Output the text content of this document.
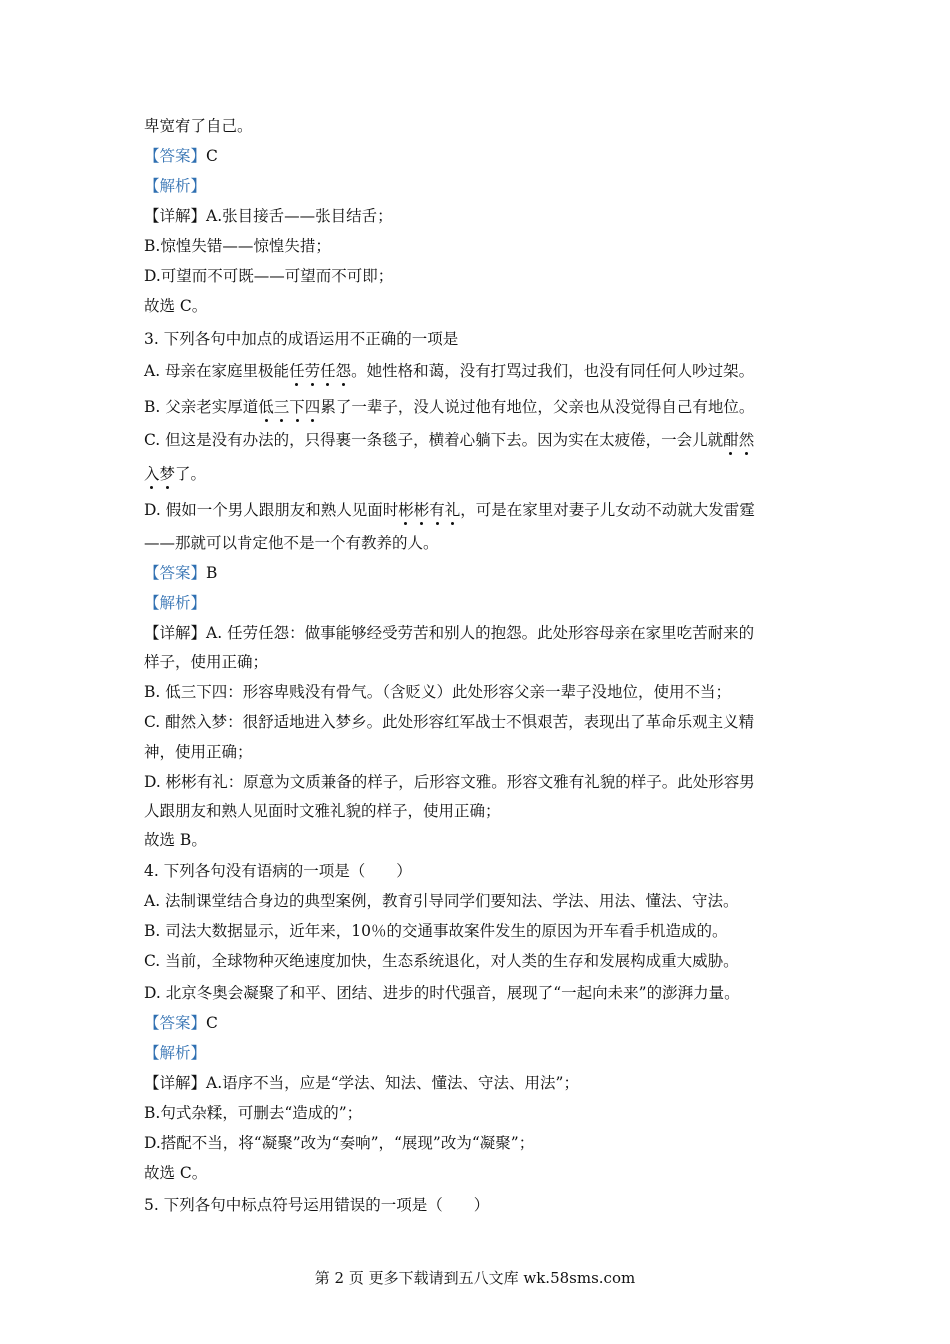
卑宽宥了自己。

【答案】C

【解析】

【详解】A.张目接舌——张目结舌；

B.惊惶失错——惊惶失措；

D.可望而不可既——可望而不可即；

故选 C。

3. 下列各句中加点的成语运用不正确的一项是

A. 母亲在家庭里极能任劳任怨。她性格和蔼，没有打骂过我们，也没有同任何人吵过架。

B. 父亲老实厚道低三下四累了一辈子，没人说过他有地位，父亲也从没觉得自己有地位。

C. 但这是没有办法的，只得裹一条毯子，横着心躺下去。因为实在太疲倦，一会儿就酣然

入梦了。

D. 假如一个男人跟朋友和熟人见面时彬彬有礼，可是在家里对妻子儿女动不动就大发雷霆

——那就可以肯定他不是一个有教养的人。

【答案】B

【解析】

【详解】A. 任劳任怨：做事能够经受劳苦和别人的抱怨。此处形容母亲在家里吃苦耐来的

样子，使用正确；

B. 低三下四：形容卑贱没有骨气。（含贬义）此处形容父亲一辈子没地位，使用不当；

C. 酣然入梦：很舒适地进入梦乡。此处形容红军战士不惧艰苦，表现出了革命乐观主义精

神，使用正确；

D. 彬彬有礼：原意为文质兼备的样子，后形容文雅。形容文雅有礼貌的样子。此处形容男

人跟朋友和熟人见面时文雅礼貌的样子，使用正确；

故选 B。

4. 下列各句没有语病的一项是（　　）

A. 法制课堂结合身边的典型案例，教育引导同学们要知法、学法、用法、懂法、守法。

B. 司法大数据显示，近年来，10％的交通事故案件发生的原因为开车看手机造成的。

C. 当前，全球物种灭绝速度加快，生态系统退化，对人类的生存和发展构成重大威胁。

D. 北京冬奥会凝聚了和平、团结、进步的时代强音，展现了“一起向未来”的澎湃力量。

【答案】C

【解析】

【详解】A.语序不当，应是“学法、知法、懂法、守法、用法”；

B.句式杂糅，可删去“造成的”；

D.搭配不当，将“凝聚”改为“奏响”，“展现”改为“凝聚”；

故选 C。

5. 下列各句中标点符号运用错误的一项是（　　）

第 2 页 更多下载请到五八文库 wk.58sms.com
